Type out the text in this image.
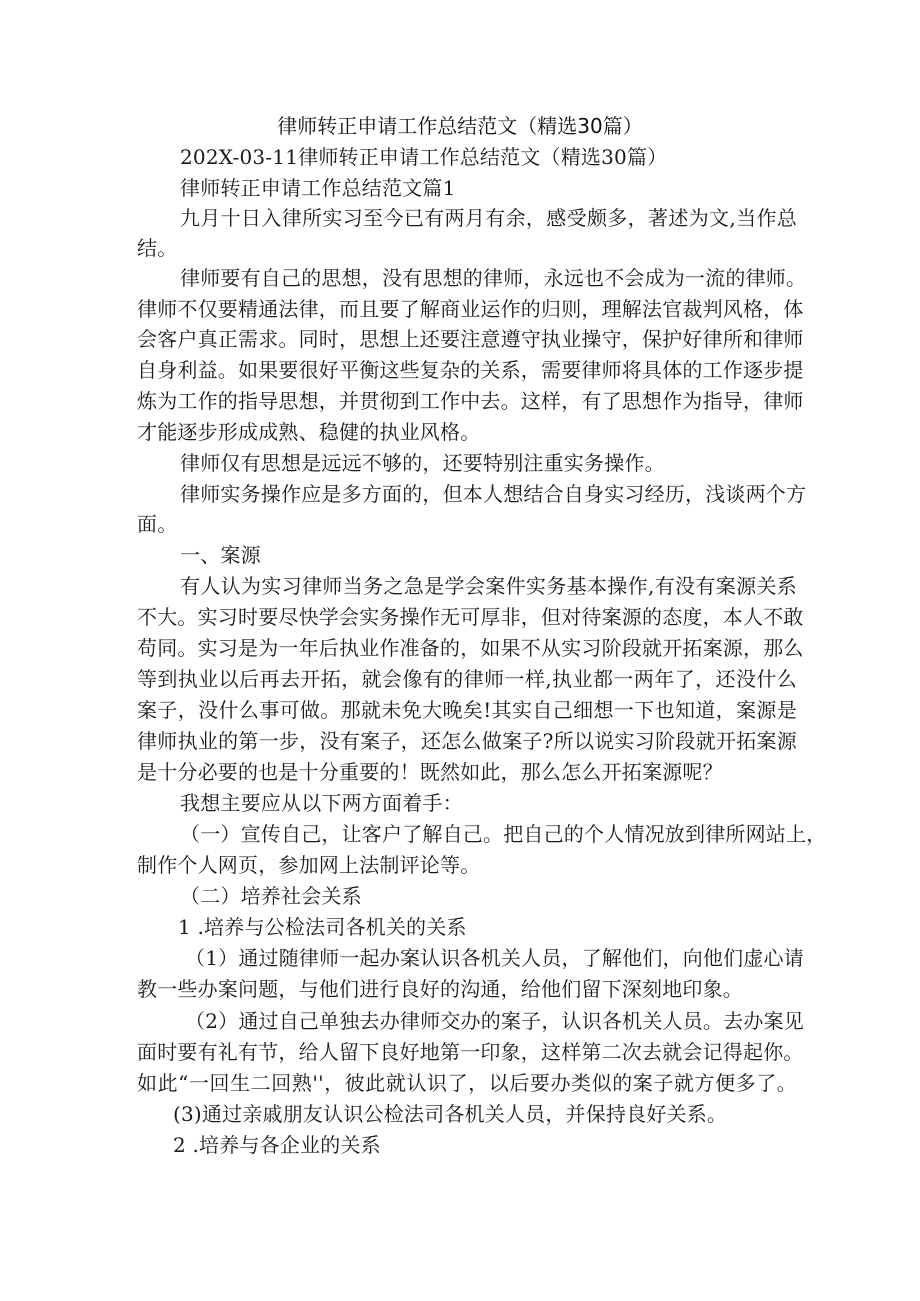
律师转正申请工作总结范文（精选30篇）
202X-03-11律师转正申请工作总结范文（精选30篇）
律师转正申请工作总结范文篇1
九月十日入律所实习至今已有两月有余，感受颇多，著述为文,当作总
结。
律师要有自己的思想，没有思想的律师，永远也不会成为一流的律师。
律师不仅要精通法律，而且要了解商业运作的归则，理解法官裁判风格，体
会客户真正需求。同时，思想上还要注意遵守执业操守，保护好律所和律师
自身利益。如果要很好平衡这些复杂的关系，需要律师将具体的工作逐步提
炼为工作的指导思想，并贯彻到工作中去。这样，有了思想作为指导，律师
才能逐步形成成熟、稳健的执业风格。
律师仅有思想是远远不够的，还要特别注重实务操作。
律师实务操作应是多方面的，但本人想结合自身实习经历，浅谈两个方
面。
一、案源
有人认为实习律师当务之急是学会案件实务基本操作,有没有案源关系
不大。实习时要尽快学会实务操作无可厚非，但对待案源的态度，本人不敢
苟同。实习是为一年后执业作准备的，如果不从实习阶段就开拓案源，那么
等到执业以后再去开拓，就会像有的律师一样,执业都一两年了，还没什么
案子，没什么事可做。那就未免大晚矣!其实自己细想一下也知道，案源是
律师执业的第一步，没有案子，还怎么做案子?所以说实习阶段就开拓案源
是十分必要的也是十分重要的！既然如此，那么怎么开拓案源呢？
我想主要应从以下两方面着手：
（一）宣传自己，让客户了解自己。把自己的个人情况放到律所网站上，
制作个人网页，参加网上法制评论等。
（二）培养社会关系
1 .培养与公检法司各机关的关系
（1）通过随律师一起办案认识各机关人员，了解他们，向他们虚心请
教一些办案问题，与他们进行良好的沟通，给他们留下深刻地印象。
（2）通过自己单独去办律师交办的案子，认识各机关人员。去办案见
面时要有礼有节，给人留下良好地第一印象，这样第二次去就会记得起你。
如此“一回生二回熟''，彼此就认识了，以后要办类似的案子就方便多了。
(3)通过亲戚朋友认识公检法司各机关人员，并保持良好关系。
2 .培养与各企业的关系
